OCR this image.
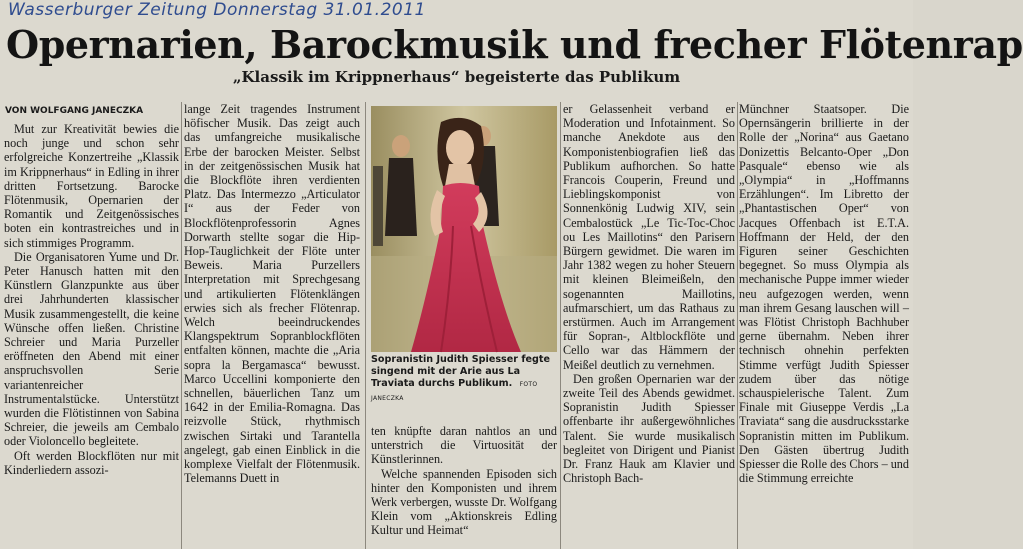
Wasserburger Zeitung Donnerstag 31.01.2011
Opernarien, Barockmusik und frecher Flötenrap
„Klassik im Krippnerhaus“ begeisterte das Publikum
VON WOLFGANG JANECZKA

Mut zur Kreativität bewies die noch junge und schon sehr erfolgreiche Konzertreihe „Klassik im Krippnerhaus“ in Edling in ihrer dritten Fortsetzung. Barocke Flötenmusik, Opernarien der Romantik und Zeitgenössisches boten ein kontrastreiches und in sich stimmiges Programm.

Die Organisatoren Yume und Dr. Peter Hanusch hatten mit den Künstlern Glanzpunkte aus über drei Jahrhunderten klassischer Musik zusammengestellt, die keine Wünsche offen ließen. Christine Schreier und Maria Purzeller eröffneten den Abend mit einer anspruchsvollen Serie variantenreicher Instrumentalstücke. Unterstützt wurden die Flötistinnen von Sabina Schreier, die jeweils am Cembalo oder Violoncello begleitete.

Oft werden Blockflöten nur mit Kinderliedern assozi-

lange Zeit tragendes Instrument höfischer Musik. Das zeigt auch das umfangreiche musikalische Erbe der barocken Meister. Selbst in der zeitgenössischen Musik hat die Blockflöte ihren verdienten Platz. Das Intermezzo „Articulator I“ aus der Feder von Blockflötenprofessorin Agnes Dorwarth stellte sogar die Hip-Hop-Tauglichkeit der Flöte unter Beweis. Maria Purzellers Interpretation mit Sprechgesang und artikulierten Flötenklängen erwies sich als frecher Flötenrap. Welch beeindruckendes Klangspektrum Sopranblockflöten entfalten können, machte die „Aria sopra la Bergamasca“ bewusst. Marco Uccellini komponierte den schnellen, bäuerlichen Tanz um 1642 in der Emilia-Romagna. Das reizvolle Stück, rhythmisch zwischen Sirtaki und Tarantella angelegt, gab einen Einblick in die komplexe Vielfalt der Flötenmusik. Telemanns Duett in

Sopranistin Judith Spiesser fegte singend mit der Arie aus La Traviata durchs Publikum. FOTO JANECZKA

ten knüpfte daran nahtlos an und unterstrich die Virtuosität der Künstlerinnen.

Welche spannenden Episoden sich hinter den Komponisten und ihrem Werk verbergen, wusste Dr. Wolfgang Klein vom „Aktionskreis Edling Kultur und Heimat“

er Gelassenheit verband er Moderation und Infotainment. So manche Anekdote aus den Komponistenbiografien ließ das Publikum aufhorchen. So hatte Francois Couperin, Freund und Lieblingskomponist von Sonnenkönig Ludwig XIV, sein Cembalostück „Le Tic-Toc-Choc ou Les Maillotins“ den Parisern Bürgern gewidmet. Die waren im Jahr 1382 wegen zu hoher Steuern mit kleinen Bleimeißeln, den sogenannten Maillotins, aufmarschiert, um das Rathaus zu erstürmen. Auch im Arrangement für Sopran-, Altblockflöte und Cello war das Hämmern der Meißel deutlich zu vernehmen.

Den großen Opernarien war der zweite Teil des Abends gewidmet. Sopranistin Judith Spiesser offenbarte ihr außergewöhnliches Talent. Sie wurde musikalisch begleitet von Dirigent und Pianist Dr. Franz Hauk am Klavier und Christoph Bach-

Münchner Staatsoper. Die Opernsängerin brillierte in der Rolle der „Norina“ aus Gaetano Donizettis Belcanto-Oper „Don Pasquale“ ebenso wie als „Olympia“ in „Hoffmanns Erzählungen“. Im Libretto der „Phantastischen Oper“ von Jacques Offenbach ist E.T.A. Hoffmann der Held, der den Figuren seiner Geschichten begegnet. So muss Olympia als mechanische Puppe immer wieder neu aufgezogen werden, wenn man ihrem Gesang lauschen will – was Flötist Christoph Bachhuber gerne übernahm. Neben ihrer technisch ohnehin perfekten Stimme verfügt Judith Spiesser zudem über das nötige schauspielerische Talent. Zum Finale mit Giuseppe Verdis „La Traviata“ sang die ausdrucksstarke Sopranistin mitten im Publikum. Den Gästen übertrug Judith Spiesser die Rolle des Chors – und die Stimmung erreichte
